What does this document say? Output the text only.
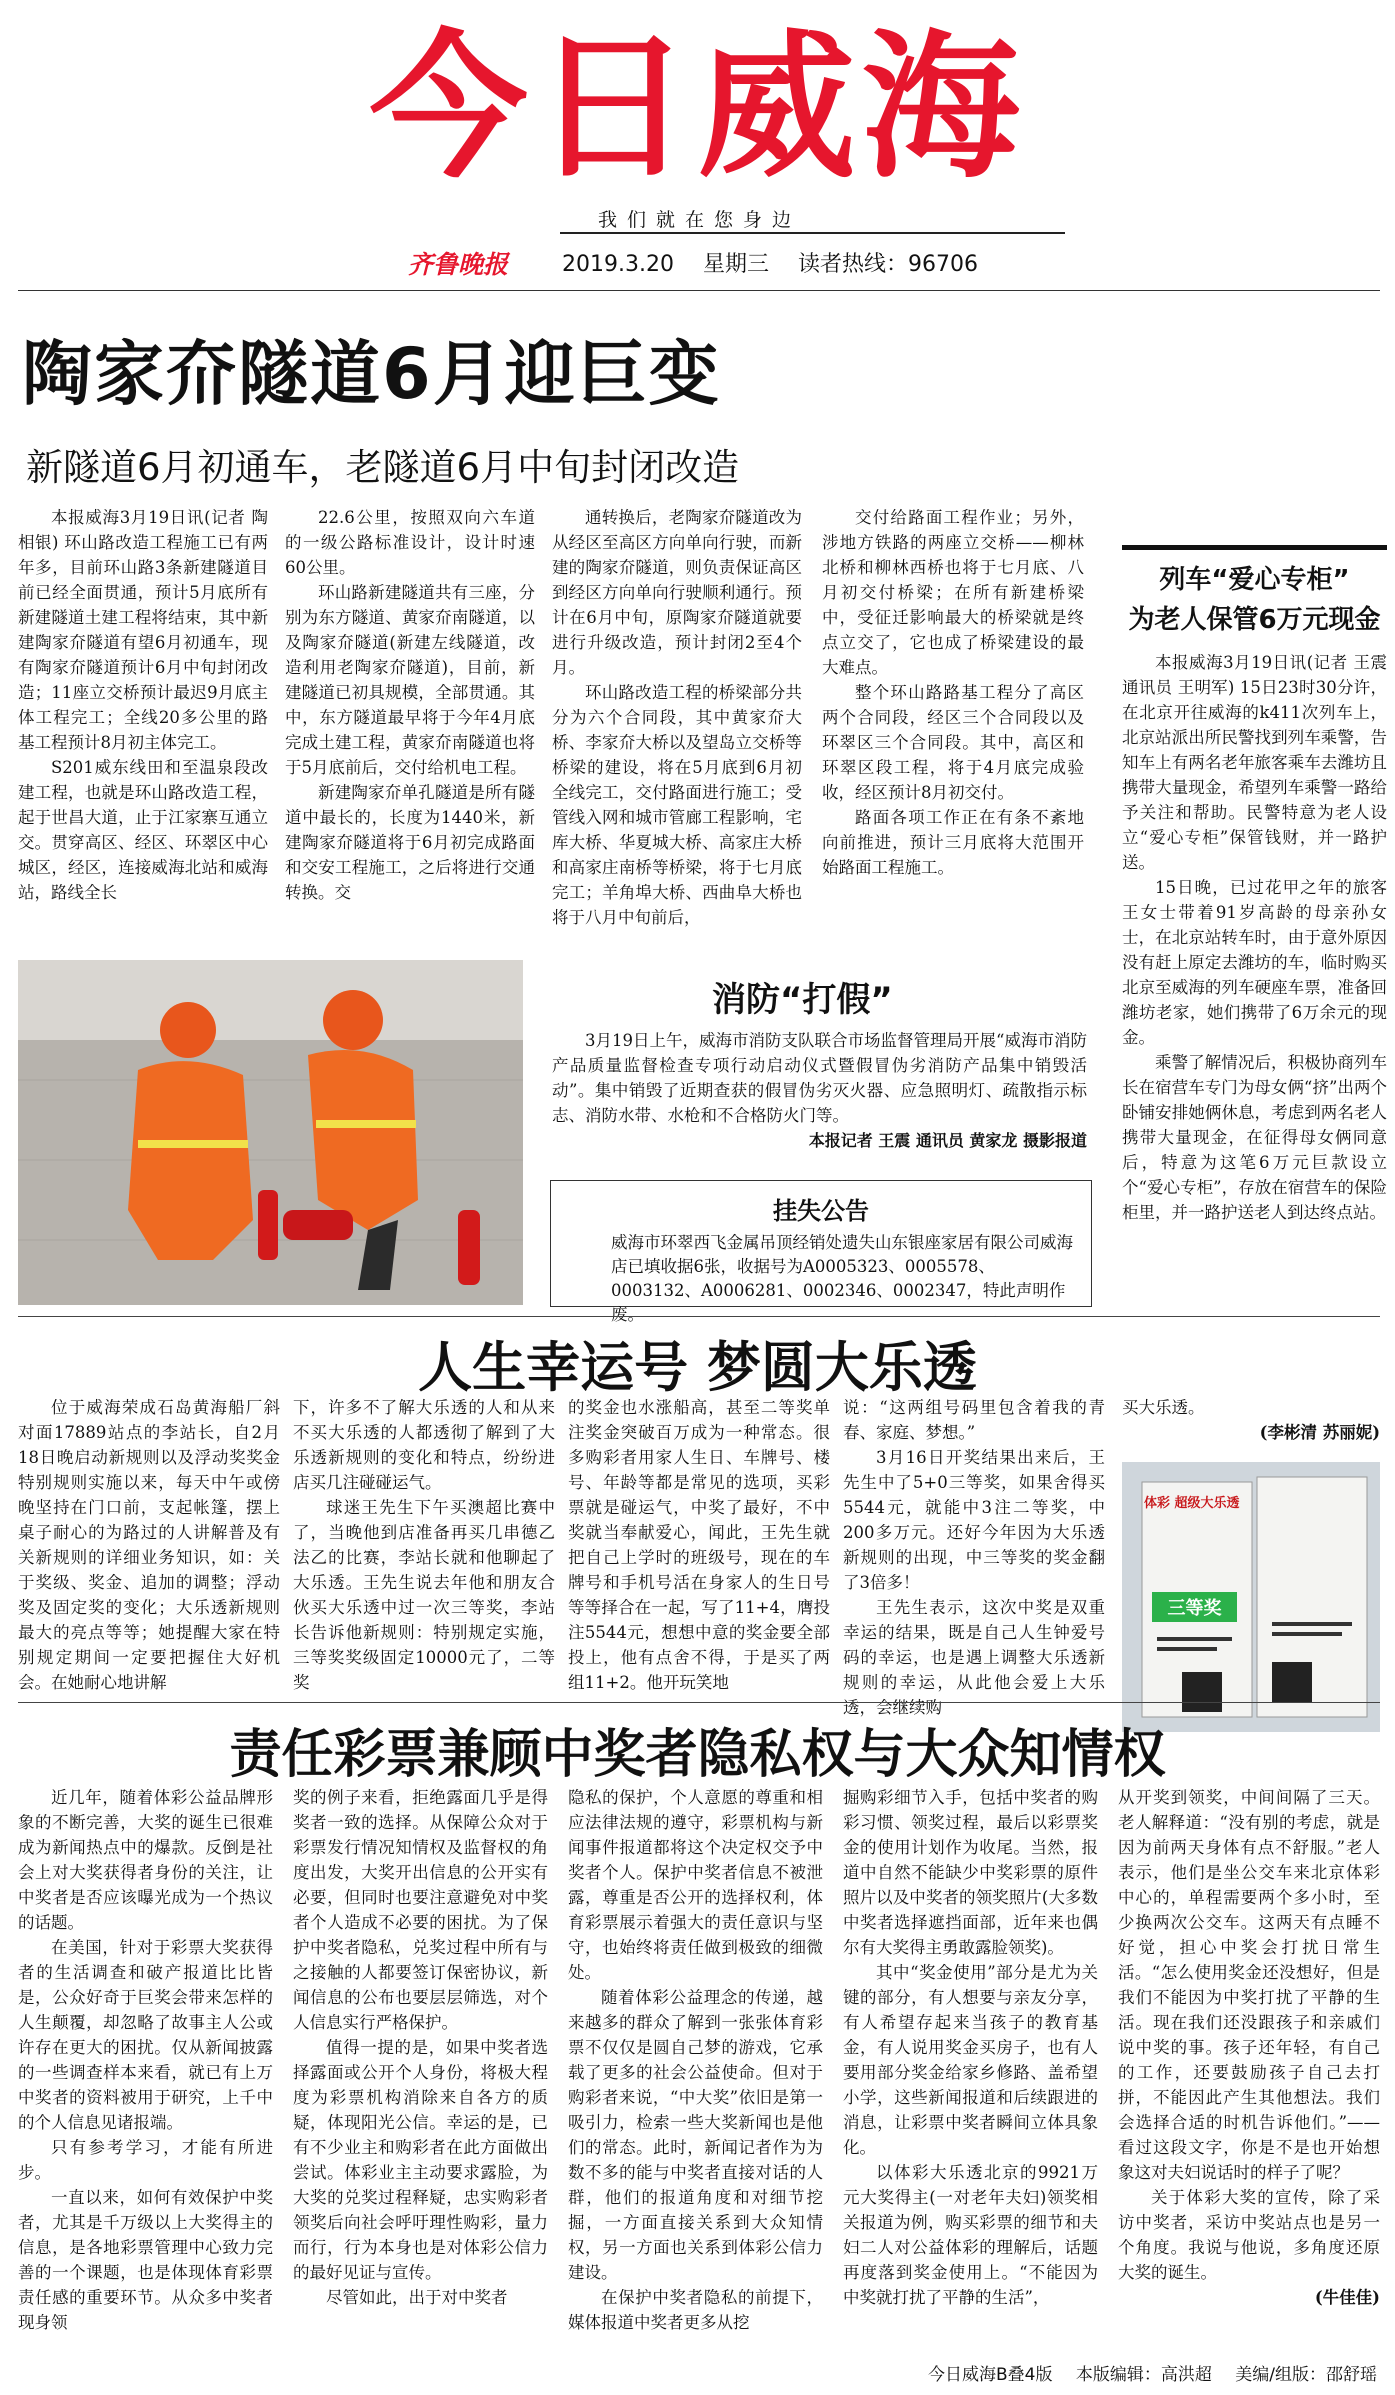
今日威海
我们就在您身边
齐鲁晚报 2019.3.20 星期三 读者热线：96706
陶家夼隧道6月迎巨变
新隧道6月初通车，老隧道6月中旬封闭改造

本报威海3月19日讯(记者 陶相银) 环山路改造工程施工已有两年多，目前环山路3条新建隧道目前已经全面贯通，预计5月底所有新建隧道土建工程将结束，其中新建陶家夼隧道有望6月初通车，现有陶家夼隧道预计6月中旬封闭改造；11座立交桥预计最迟9月底主体工程完工；全线20多公里的路基工程预计8月初主体完工。

S201威东线田和至温泉段改建工程，也就是环山路改造工程，起于世昌大道，止于江家寨互通立交。贯穿高区、经区、环翠区中心城区，经区，连接威海北站和威海站，路线全长

22.6公里，按照双向六车道的一级公路标准设计，设计时速60公里。

环山路新建隧道共有三座，分别为东方隧道、黄家夼南隧道，以及陶家夼隧道(新建左线隧道，改造利用老陶家夼隧道)，目前，新建隧道已初具规模，全部贯通。其中，东方隧道最早将于今年4月底完成土建工程，黄家夼南隧道也将于5月底前后，交付给机电工程。

新建陶家夼单孔隧道是所有隧道中最长的，长度为1440米，新建陶家夼隧道将于6月初完成路面和交安工程施工，之后将进行交通转换。交

通转换后，老陶家夼隧道改为从经区至高区方向单向行驶，而新建的陶家夼隧道，则负责保证高区到经区方向单向行驶顺利通行。预计在6月中旬，原陶家夼隧道就要进行升级改造，预计封闭2至4个月。

环山路改造工程的桥梁部分共分为六个合同段，其中黄家夼大桥、李家夼大桥以及望岛立交桥等桥梁的建设，将在5月底到6月初全线完工，交付路面进行施工；受管线入网和城市管廊工程影响，宅库大桥、华夏城大桥、高家庄大桥和高家庄南桥等桥梁，将于七月底完工；羊角埠大桥、西曲阜大桥也将于八月中旬前后，

交付给路面工程作业；另外，涉地方铁路的两座立交桥——柳林北桥和柳林西桥也将于七月底、八月初交付桥梁；在所有新建桥梁中，受征迁影响最大的桥梁就是终点立交了，它也成了桥梁建设的最大难点。

整个环山路路基工程分了高区两个合同段，经区三个合同段以及环翠区三个合同段。其中，高区和环翠区段工程，将于4月底完成验收，经区预计8月初交付。

路面各项工作正在有条不紊地向前推进，预计三月底将大范围开始路面工程施工。

列车“爱心专柜”
为老人保管6万元现金

本报威海3月19日讯(记者 王震 通讯员 王明军) 15日23时30分许，在北京开往威海的k411次列车上，北京站派出所民警找到列车乘警，告知车上有两名老年旅客乘车去潍坊且携带大量现金，希望列车乘警一路给予关注和帮助。民警特意为老人设立“爱心专柜”保管钱财，并一路护送。

15日晚，已过花甲之年的旅客王女士带着91岁高龄的母亲孙女士，在北京站转车时，由于意外原因没有赶上原定去潍坊的车，临时购买北京至威海的列车硬座车票，准备回潍坊老家，她们携带了6万余元的现金。

乘警了解情况后，积极协商列车长在宿营车专门为母女俩“挤”出两个卧铺安排她俩休息，考虑到两名老人携带大量现金，在征得母女俩同意后，特意为这笔6万元巨款设立个“爱心专柜”，存放在宿营车的保险柜里，并一路护送老人到达终点站。

消防“打假”

3月19日上午，威海市消防支队联合市场监督管理局开展“威海市消防产品质量监督检查专项行动启动仪式暨假冒伪劣消防产品集中销毁活动”。集中销毁了近期查获的假冒伪劣灭火器、应急照明灯、疏散指示标志、消防水带、水枪和不合格防火门等。

本报记者 王震 通讯员 黄家龙 摄影报道

挂失公告
威海市环翠西飞金属吊顶经销处遗失山东银座家居有限公司威海店已填收据6张，收据号为A0005323、0005578、0003132、A0006281、0002346、0002347，特此声明作废。
人生幸运号 梦圆大乐透

位于威海荣成石岛黄海船厂斜对面17889站点的李站长，自2月18日晚启动新规则以及浮动奖奖金特别规则实施以来，每天中午或傍晚坚持在门口前，支起帐篷，摆上桌子耐心的为路过的人讲解普及有关新规则的详细业务知识，如：关于奖级、奖金、追加的调整；浮动奖及固定奖的变化；大乐透新规则最大的亮点等等；她提醒大家在特别规定期间一定要把握住大好机会。在她耐心地讲解

下，许多不了解大乐透的人和从来不买大乐透的人都透彻了解到了大乐透新规则的变化和特点，纷纷进店买几注碰碰运气。

球迷王先生下午买澳超比赛中了，当晚他到店准备再买几串德乙法乙的比赛，李站长就和他聊起了大乐透。王先生说去年他和朋友合伙买大乐透中过一次三等奖，李站长告诉他新规则：特别规定实施，三等奖奖级固定10000元了，二等奖

的奖金也水涨船高，甚至二等奖单注奖金突破百万成为一种常态。很多购彩者用家人生日、车牌号、楼号、年龄等都是常见的选项，买彩票就是碰运气，中奖了最好，不中奖就当奉献爱心，闻此，王先生就把自己上学时的班级号，现在的车牌号和手机号活在身家人的生日号等等择合在一起，写了11+4，膺投注5544元，想想中意的奖金要全部投上，他有点舍不得，于是买了两组11+2。他开玩笑地

说：“这两组号码里包含着我的青春、家庭、梦想。”

3月16日开奖结果出来后，王先生中了5+0三等奖，如果舍得买5544元，就能中3注二等奖，中200多万元。还好今年因为大乐透新规则的出现，中三等奖的奖金翻了3倍多！

王先生表示，这次中奖是双重幸运的结果，既是自己人生钟爱号码的幸运，也是遇上调整大乐透新规则的幸运，从此他会爱上大乐透，会继续购

买大乐透。

(李彬清 苏丽妮)

体彩 超级大乐透
三等奖
责任彩票兼顾中奖者隐私权与大众知情权

近几年，随着体彩公益品牌形象的不断完善，大奖的诞生已很难成为新闻热点中的爆款。反倒是社会上对大奖获得者身份的关注，让中奖者是否应该曝光成为一个热议的话题。

在美国，针对于彩票大奖获得者的生活调查和破产报道比比皆是，公众好奇于巨奖会带来怎样的人生颠覆，却忽略了故事主人公或许存在更大的困扰。仅从新闻披露的一些调查样本来看，就已有上万中奖者的资料被用于研究，上千中的个人信息见诸报端。

只有参考学习，才能有所进步。

一直以来，如何有效保护中奖者，尤其是千万级以上大奖得主的信息，是各地彩票管理中心致力完善的一个课题，也是体现体育彩票责任感的重要环节。从众多中奖者现身领

奖的例子来看，拒绝露面几乎是得奖者一致的选择。从保障公众对于彩票发行情况知情权及监督权的角度出发，大奖开出信息的公开实有必要，但同时也要注意避免对中奖者个人造成不必要的困扰。为了保护中奖者隐私，兑奖过程中所有与之接触的人都要签订保密协议，新闻信息的公布也要层层筛选，对个人信息实行严格保护。

值得一提的是，如果中奖者选择露面或公开个人身份，将极大程度为彩票机构消除来自各方的质疑，体现阳光公信。幸运的是，已有不少业主和购彩者在此方面做出尝试。体彩业主主动要求露脸，为大奖的兑奖过程释疑，忠实购彩者领奖后向社会呼吁理性购彩，量力而行，行为本身也是对体彩公信力的最好见证与宣传。

尽管如此，出于对中奖者

隐私的保护，个人意愿的尊重和相应法律法规的遵守，彩票机构与新闻事件报道都将这个决定权交予中奖者个人。保护中奖者信息不被泄露，尊重是否公开的选择权利，体育彩票展示着强大的责任意识与坚守，也始终将责任做到极致的细微处。

随着体彩公益理念的传递，越来越多的群众了解到一张张体育彩票不仅仅是圆自己梦的游戏，它承载了更多的社会公益使命。但对于购彩者来说，“中大奖”依旧是第一吸引力，检索一些大奖新闻也是他们的常态。此时，新闻记者作为为数不多的能与中奖者直接对话的人群，他们的报道角度和对细节挖掘，一方面直接关系到大众知情权，另一方面也关系到体彩公信力建设。

在保护中奖者隐私的前提下，媒体报道中奖者更多从挖

掘购彩细节入手，包括中奖者的购彩习惯、领奖过程，最后以彩票奖金的使用计划作为收尾。当然，报道中自然不能缺少中奖彩票的原件照片以及中奖者的领奖照片(大多数中奖者选择遮挡面部，近年来也偶尔有大奖得主勇敢露脸领奖)。

其中“奖金使用”部分是尤为关键的部分，有人想要与亲友分享，有人希望存起来当孩子的教育基金，有人说用奖金买房子，也有人要用部分奖金给家乡修路、盖希望小学，这些新闻报道和后续跟进的消息，让彩票中奖者瞬间立体具象化。

以体彩大乐透北京的9921万元大奖得主(一对老年夫妇)领奖相关报道为例，购买彩票的细节和夫妇二人对公益体彩的理解后，话题再度落到奖金使用上。“不能因为中奖就打扰了平静的生活”，

从开奖到领奖，中间间隔了三天。老人解释道：“没有别的考虑，就是因为前两天身体有点不舒服。”老人表示，他们是坐公交车来北京体彩中心的，单程需要两个多小时，至少换两次公交车。这两天有点睡不好觉，担心中奖会打扰日常生活。“怎么使用奖金还没想好，但是我们不能因为中奖打扰了平静的生活。现在我们还没跟孩子和亲戚们说中奖的事。孩子还年轻，有自己的工作，还要鼓励孩子自己去打拼，不能因此产生其他想法。我们会选择合适的时机告诉他们。”——看过这段文字，你是不是也开始想象这对夫妇说话时的样子了呢？

关于体彩大奖的宣传，除了采访中奖者，采访中奖站点也是另一个角度。我说与他说，多角度还原大奖的诞生。

(牛佳佳)

今日威海B叠4版 本版编辑：高洪超 美编/组版：邵舒瑶
